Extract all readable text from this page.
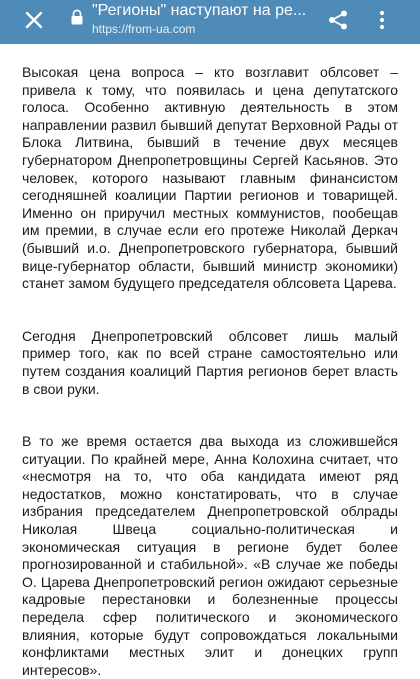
"Регионы" наступают на ре...
https://from-ua.com

Высокая цена вопроса – кто возглавит облсовет – привела к тому, что появилась и цена депутатского голоса. Особенно активную деятельность в этом направлении развил бывший депутат Верховной Рады от Блока Литвина, бывший в течение двух месяцев губернатором Днепропетровщины Сергей Касьянов. Это человек, которого называют главным финансистом сегодняшней коалиции Партии регионов и товарищей. Именно он приручил местных коммунистов, пообещав им премии, в случае если его протеже Николай Деркач (бывший и.о. Днепропетровского губернатора, бывший вице-губернатор области, бывший министр экономики) станет замом будущего председателя облсовета Царева.

Сегодня Днепропетровский облсовет лишь малый пример того, как по всей стране самостоятельно или путем создания коалиций Партия регионов берет власть в свои руки.

В то же время остается два выхода из сложившейся ситуации. По крайней мере, Анна Колохина считает, что «несмотря на то, что оба кандидата имеют ряд недостатков, можно констатировать, что в случае избрания председателем Днепропетровской облрады Николая Швеца социально-политическая и экономическая ситуация в регионе будет более прогнозированной и стабильной». «В случае же победы О. Царева Днепропетровский регион ожидают серьезные кадровые перестановки и болезненные процессы передела сфер политического и экономического влияния, которые будут сопровождаться локальными конфликтами местных элит и донецких групп интересов».
